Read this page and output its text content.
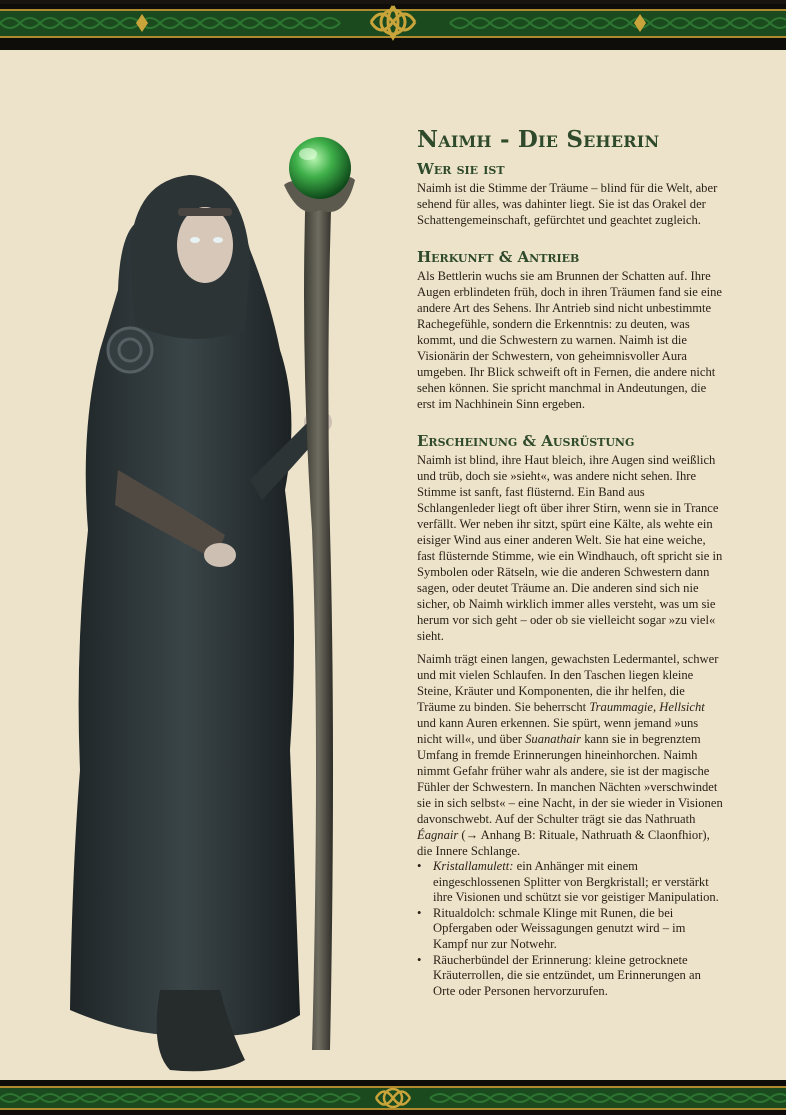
Naimh - Die Seherin
Wer sie ist

Naimh ist die Stimme der Träume – blind für die Welt, aber sehend für alles, was dahinter liegt. Sie ist das Orakel der Schattengemeinschaft, gefürchtet und geachtet zugleich.

Herkunft & Antrieb

Als Bettlerin wuchs sie am Brunnen der Schatten auf. Ihre Augen erblindeten früh, doch in ihren Träumen fand sie eine andere Art des Sehens. Ihr Antrieb sind nicht unbestimmte Rachegefühle, sondern die Erkenntnis: zu deuten, was kommt, und die Schwestern zu warnen. Naimh ist die Visionärin der Schwestern, von geheimnisvoller Aura umgeben. Ihr Blick schweift oft in Fernen, die andere nicht sehen können. Sie spricht manchmal in Andeutungen, die erst im Nachhinein Sinn ergeben.

Erscheinung & Ausrüstung

Naimh ist blind, ihre Haut bleich, ihre Augen sind weißlich und trüb, doch sie »sieht«, was andere nicht sehen. Ihre Stimme ist sanft, fast flüsternd. Ein Band aus Schlangenleder liegt oft über ihrer Stirn, wenn sie in Trance verfällt. Wer neben ihr sitzt, spürt eine Kälte, als wehte ein eisiger Wind aus einer anderen Welt. Sie hat eine weiche, fast flüsternde Stimme, wie ein Windhauch, oft spricht sie in Symbolen oder Rätseln, wie die anderen Schwestern dann sagen, oder deutet Träume an. Die anderen sind sich nie sicher, ob Naimh wirklich immer alles versteht, was um sie herum vor sich geht – oder ob sie vielleicht sogar »zu viel« sieht.

Naimh trägt einen langen, gewachsten Ledermantel, schwer und mit vielen Schlaufen. In den Taschen liegen kleine Steine, Kräuter und Komponenten, die ihr helfen, die Träume zu binden. Sie beherrscht Traummagie, Hellsicht und kann Auren erkennen. Sie spürt, wenn jemand »uns nicht will«, und über Suanathair kann sie in begrenztem Umfang in fremde Erinnerungen hineinhorchen. Naimh nimmt Gefahr früher wahr als andere, sie ist der magische Fühler der Schwestern. In manchen Nächten »verschwindet sie in sich selbst« – eine Nacht, in der sie wieder in Visionen davonschwebt. Auf der Schulter trägt sie das Nathruath Éagnair (→ Anhang B: Rituale, Nathruath & Claonfhior), die Innere Schlange.

• Kristallamulett: ein Anhänger mit einem eingeschlossenen Splitter von Bergkristall; er verstärkt ihre Visionen und schützt sie vor geistiger Manipulation.
• Ritualdolch: schmale Klinge mit Runen, die bei Opfergaben oder Weissagungen genutzt wird – im Kampf nur zur Notwehr.
• Räucherbündel der Erinnerung: kleine getrocknete Kräuterrollen, die sie entzündet, um Erinnerungen an Orte oder Personen hervorzurufen.
